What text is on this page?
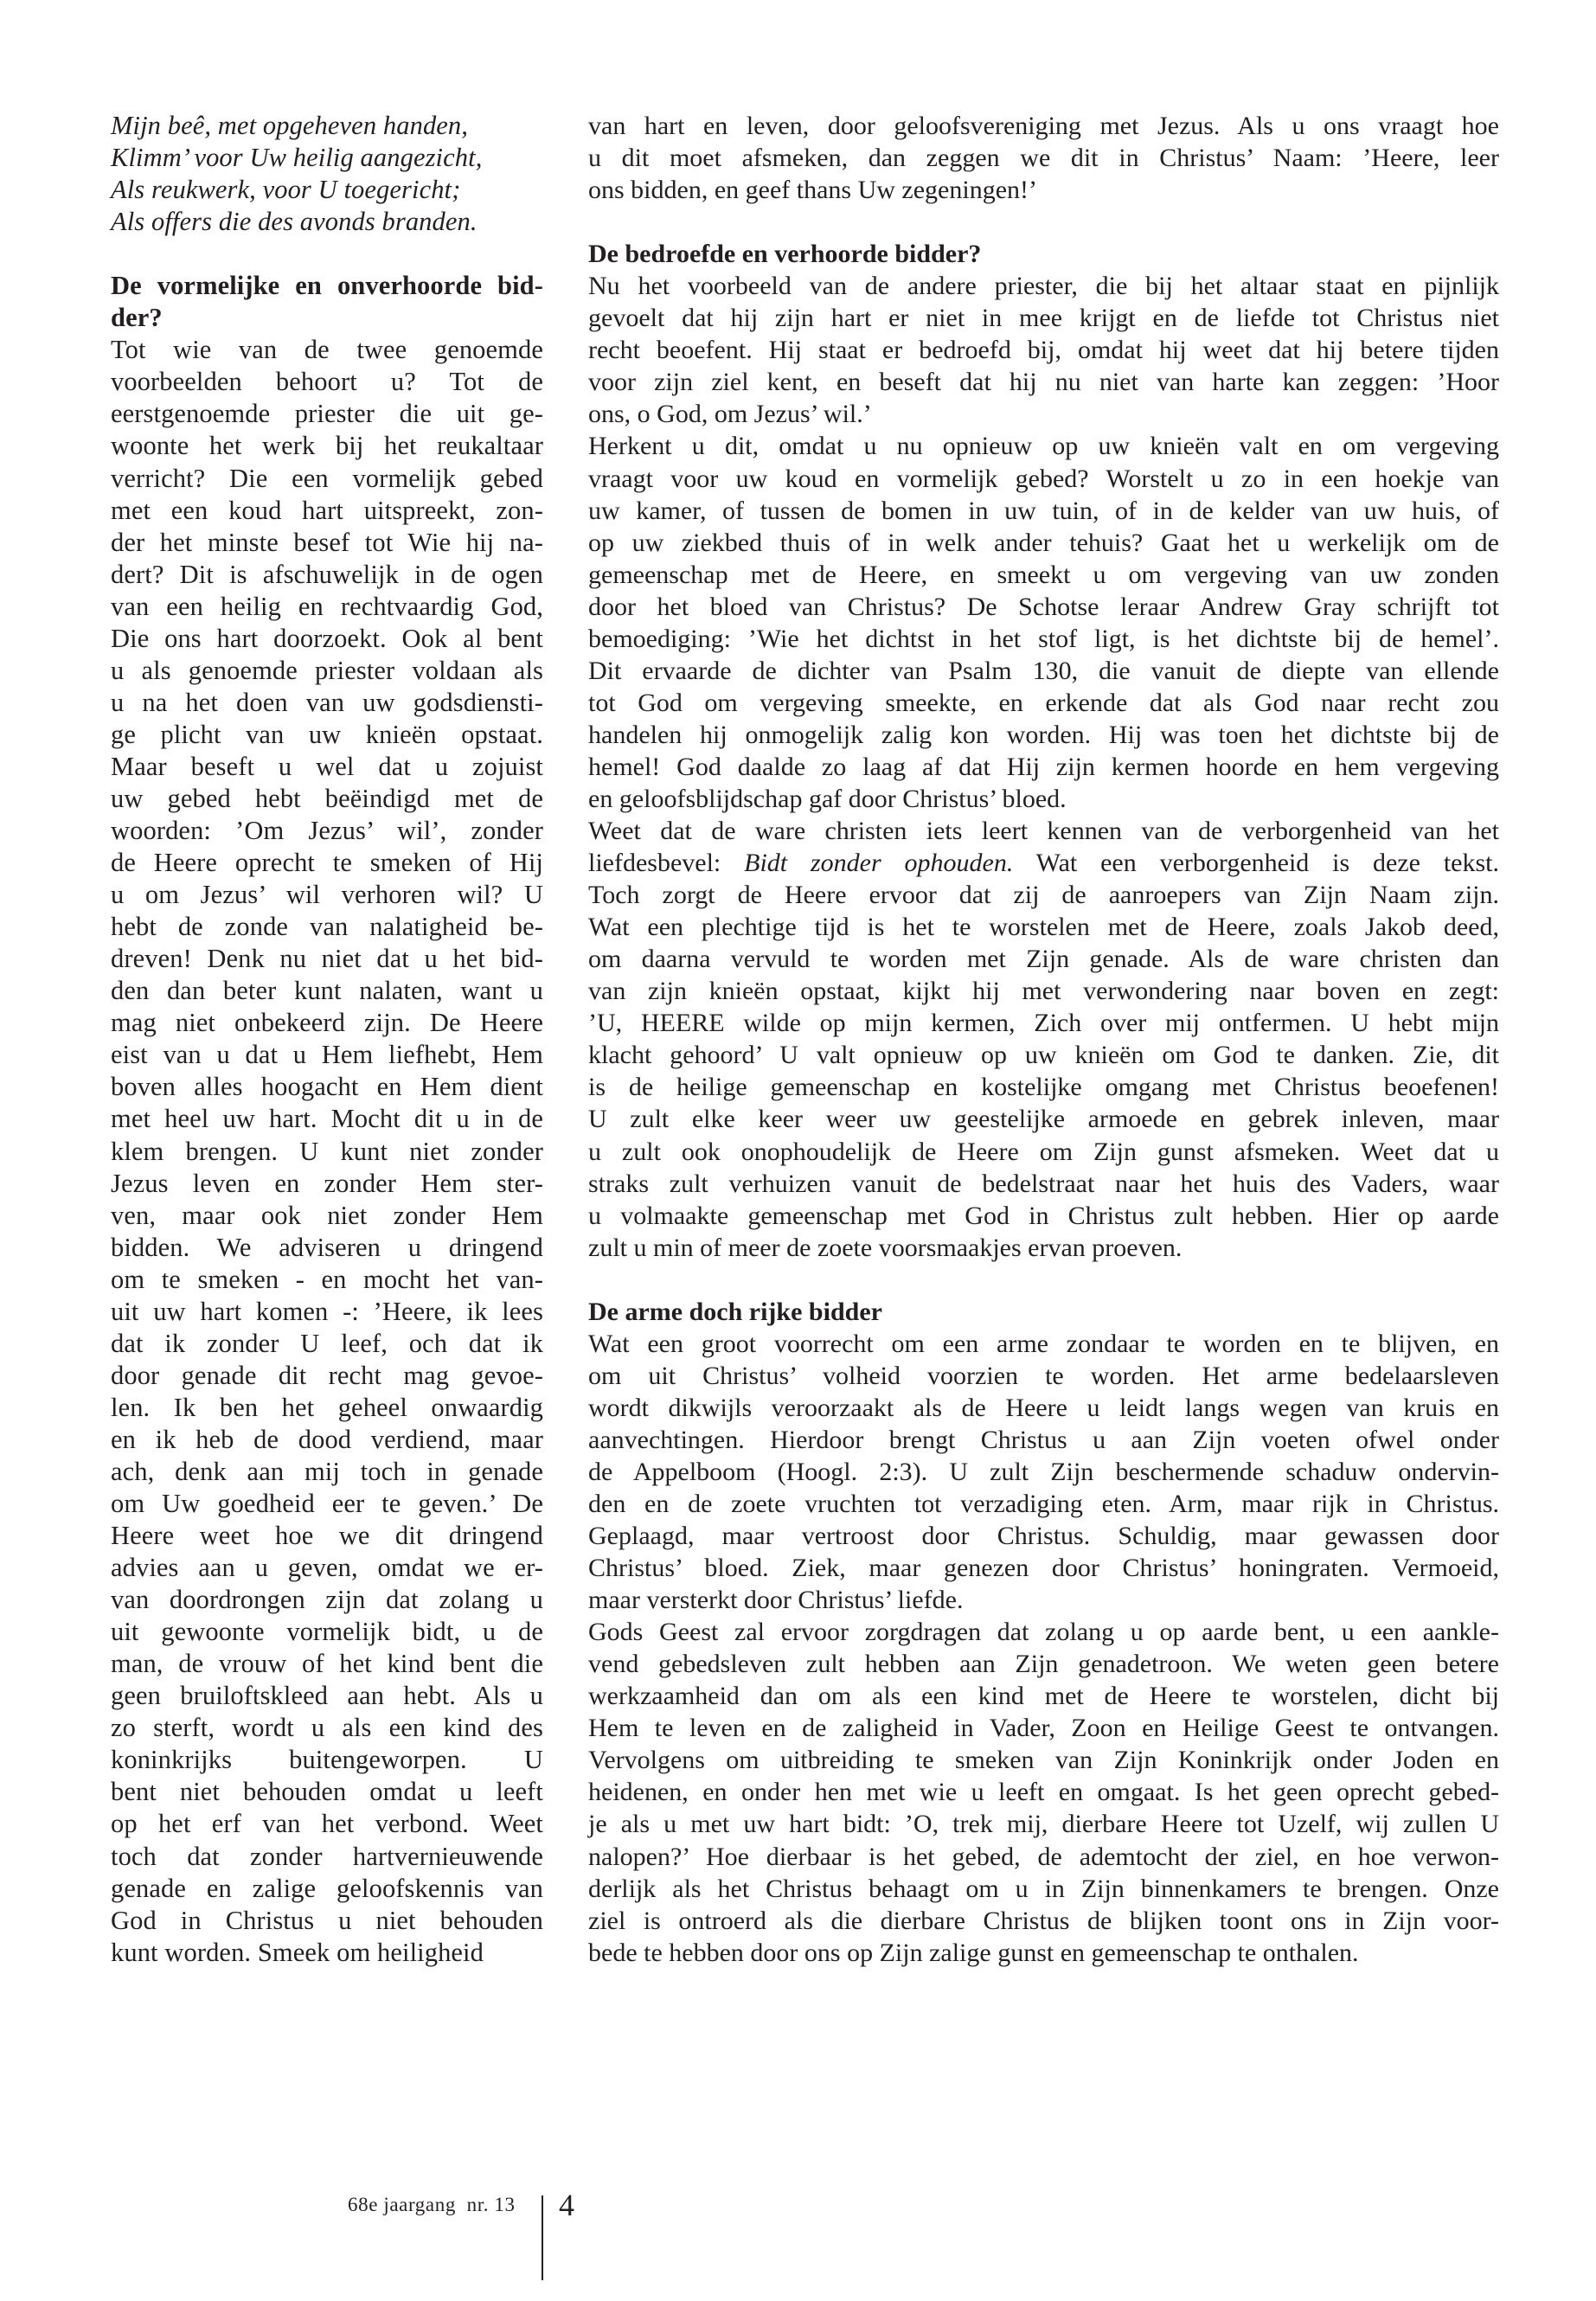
Mijn beê, met opgeheven handen,
Klimm’ voor Uw heilig aangezicht,
Als reukwerk, voor U toegericht;
Als offers die des avonds branden.
De vormelijke en onverhoorde bid-
der?
Tot wie van de twee genoemde
voorbeelden behoort u? Tot de
eerstgenoemde priester die uit ge-
woonte het werk bij het reukaltaar
verricht? Die een vormelijk gebed
met een koud hart uitspreekt, zon-
der het minste besef tot Wie hij na-
dert? Dit is afschuwelijk in de ogen
van een heilig en rechtvaardig God,
Die ons hart doorzoekt. Ook al bent
u als genoemde priester voldaan als
u na het doen van uw godsdiensti-
ge plicht van uw knieën opstaat.
Maar beseft u wel dat u zojuist
uw gebed hebt beëindigd met de
woorden: ’Om Jezus’ wil’, zonder
de Heere oprecht te smeken of Hij
u om Jezus’ wil verhoren wil? U
hebt de zonde van nalatigheid be-
dreven! Denk nu niet dat u het bid-
den dan beter kunt nalaten, want u
mag niet onbekeerd zijn. De Heere
eist van u dat u Hem liefhebt, Hem
boven alles hoogacht en Hem dient
met heel uw hart. Mocht dit u in de
klem brengen. U kunt niet zonder
Jezus leven en zonder Hem ster-
ven, maar ook niet zonder Hem
bidden. We adviseren u dringend
om te smeken - en mocht het van-
uit uw hart komen -: ’Heere, ik lees
dat ik zonder U leef, och dat ik
door genade dit recht mag gevoe-
len. Ik ben het geheel onwaardig
en ik heb de dood verdiend, maar
ach, denk aan mij toch in genade
om Uw goedheid eer te geven.’ De
Heere weet hoe we dit dringend
advies aan u geven, omdat we er-
van doordrongen zijn dat zolang u
uit gewoonte vormelijk bidt, u de
man, de vrouw of het kind bent die
geen bruiloftskleed aan hebt. Als u
zo sterft, wordt u als een kind des
koninkrijks buitengeworpen. U
bent niet behouden omdat u leeft
op het erf van het verbond. Weet
toch dat zonder hartvernieuwende
genade en zalige geloofskennis van
God in Christus u niet behouden
kunt worden. Smeek om heiligheid
van hart en leven, door geloofsvereniging met Jezus. Als u ons vraagt hoe
u dit moet afsmeken, dan zeggen we dit in Christus’ Naam: ’Heere, leer
ons bidden, en geef thans Uw zegeningen!’
De bedroefde en verhoorde bidder?
Nu het voorbeeld van de andere priester, die bij het altaar staat en pijnlijk
gevoelt dat hij zijn hart er niet in mee krijgt en de liefde tot Christus niet
recht beoefent. Hij staat er bedroefd bij, omdat hij weet dat hij betere tijden
voor zijn ziel kent, en beseft dat hij nu niet van harte kan zeggen: ’Hoor
ons, o God, om Jezus’ wil.’
Herkent u dit, omdat u nu opnieuw op uw knieën valt en om vergeving
vraagt voor uw koud en vormelijk gebed? Worstelt u zo in een hoekje van
uw kamer, of tussen de bomen in uw tuin, of in de kelder van uw huis, of
op uw ziekbed thuis of in welk ander tehuis? Gaat het u werkelijk om de
gemeenschap met de Heere, en smeekt u om vergeving van uw zonden
door het bloed van Christus? De Schotse leraar Andrew Gray schrijft tot
bemoediging: ’Wie het dichtst in het stof ligt, is het dichtste bij de hemel’.
Dit ervaarde de dichter van Psalm 130, die vanuit de diepte van ellende
tot God om vergeving smeekte, en erkende dat als God naar recht zou
handelen hij onmogelijk zalig kon worden. Hij was toen het dichtste bij de
hemel! God daalde zo laag af dat Hij zijn kermen hoorde en hem vergeving
en geloofsblijdschap gaf door Christus’ bloed.
Weet dat de ware christen iets leert kennen van de verborgenheid van het
liefdesbevel: Bidt zonder ophouden. Wat een verborgenheid is deze tekst.
Toch zorgt de Heere ervoor dat zij de aanroepers van Zijn Naam zijn.
Wat een plechtige tijd is het te worstelen met de Heere, zoals Jakob deed,
om daarna vervuld te worden met Zijn genade. Als de ware christen dan
van zijn knieën opstaat, kijkt hij met verwondering naar boven en zegt:
’U, HEERE wilde op mijn kermen, Zich over mij ontfermen. U hebt mijn
klacht gehoord’ U valt opnieuw op uw knieën om God te danken. Zie, dit
is de heilige gemeenschap en kostelijke omgang met Christus beoefenen!
U zult elke keer weer uw geestelijke armoede en gebrek inleven, maar
u zult ook onophoudelijk de Heere om Zijn gunst afsmeken. Weet dat u
straks zult verhuizen vanuit de bedelstraat naar het huis des Vaders, waar
u volmaakte gemeenschap met God in Christus zult hebben. Hier op aarde
zult u min of meer de zoete voorsmaakjes ervan proeven.
De arme doch rijke bidder
Wat een groot voorrecht om een arme zondaar te worden en te blijven, en
om uit Christus’ volheid voorzien te worden. Het arme bedelaarsleven
wordt dikwijls veroorzaakt als de Heere u leidt langs wegen van kruis en
aanvechtingen. Hierdoor brengt Christus u aan Zijn voeten ofwel onder
de Appelboom (Hoogl. 2:3). U zult Zijn beschermende schaduw ondervin-
den en de zoete vruchten tot verzadiging eten. Arm, maar rijk in Christus.
Geplaagd, maar vertroost door Christus. Schuldig, maar gewassen door
Christus’ bloed. Ziek, maar genezen door Christus’ honingraten. Vermoeid,
maar versterkt door Christus’ liefde.
Gods Geest zal ervoor zorgdragen dat zolang u op aarde bent, u een aankle-
vend gebedsleven zult hebben aan Zijn genadetroon. We weten geen betere
werkzaamheid dan om als een kind met de Heere te worstelen, dicht bij
Hem te leven en de zaligheid in Vader, Zoon en Heilige Geest te ontvangen.
Vervolgens om uitbreiding te smeken van Zijn Koninkrijk onder Joden en
heidenen, en onder hen met wie u leeft en omgaat. Is het geen oprecht gebed-
je als u met uw hart bidt: ’O, trek mij, dierbare Heere tot Uzelf, wij zullen U
nalopen?’ Hoe dierbaar is het gebed, de ademtocht der ziel, en hoe verwon-
derlijk als het Christus behaagt om u in Zijn binnenkamers te brengen. Onze
ziel is ontroerd als die dierbare Christus de blijken toont ons in Zijn voor-
bede te hebben door ons op Zijn zalige gunst en gemeenschap te onthalen.
68e jaargang  nr. 13 4
